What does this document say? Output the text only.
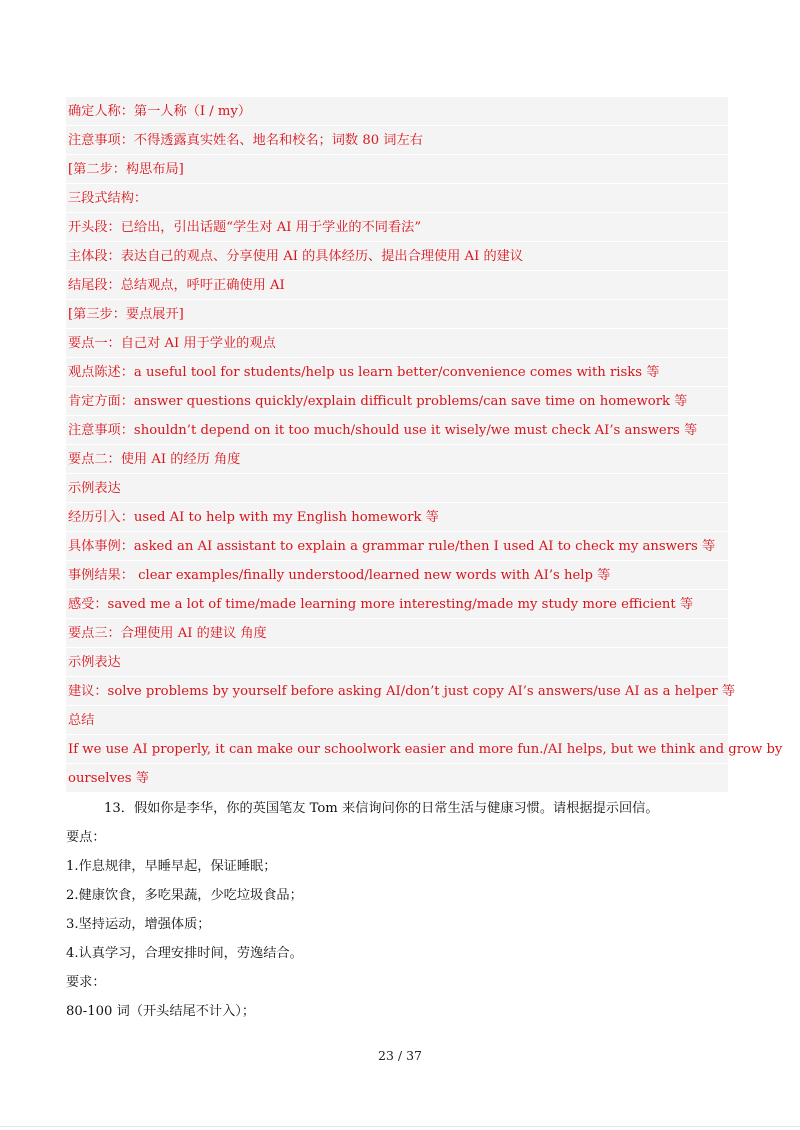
确定人称：第一人称（I / my）
注意事项：不得透露真实姓名、地名和校名；词数 80 词左右
[第二步：构思布局]
三段式结构：
开头段：已给出，引出话题“学生对 AI 用于学业的不同看法”
主体段：表达自己的观点、分享使用 AI 的具体经历、提出合理使用 AI 的建议
结尾段：总结观点，呼吁正确使用 AI
[第三步：要点展开]
要点一：自己对 AI 用于学业的观点
观点陈述：a useful tool for students/help us learn better/convenience comes with risks 等
肯定方面：answer questions quickly/explain difficult problems/can save time on homework 等
注意事项：shouldn’t depend on it too much/should use it wisely/we must check AI’s answers 等
要点二：使用 AI 的经历 角度
示例表达
经历引入：used AI to help with my English homework 等
具体事例：asked an AI assistant to explain a grammar rule/then I used AI to check my answers 等
事例结果： clear examples/finally understood/learned new words with AI’s help 等
感受：saved me a lot of time/made learning more interesting/made my study more efficient 等
要点三：合理使用 AI 的建议 角度
示例表达
建议：solve problems by yourself before asking AI/don’t just copy AI’s answers/use AI as a helper 等
总结
If we use AI properly, it can make our schoolwork easier and more fun./AI helps, but we think and grow by
ourselves 等
13．假如你是李华，你的英国笔友 Tom 来信询问你的日常生活与健康习惯。请根据提示回信。
要点：
1.作息规律，早睡早起，保证睡眠；
2.健康饮食，多吃果蔬，少吃垃圾食品；
3.坚持运动，增强体质；
4.认真学习，合理安排时间，劳逸结合。
要求：
80-100 词（开头结尾不计入）；
23 / 37
